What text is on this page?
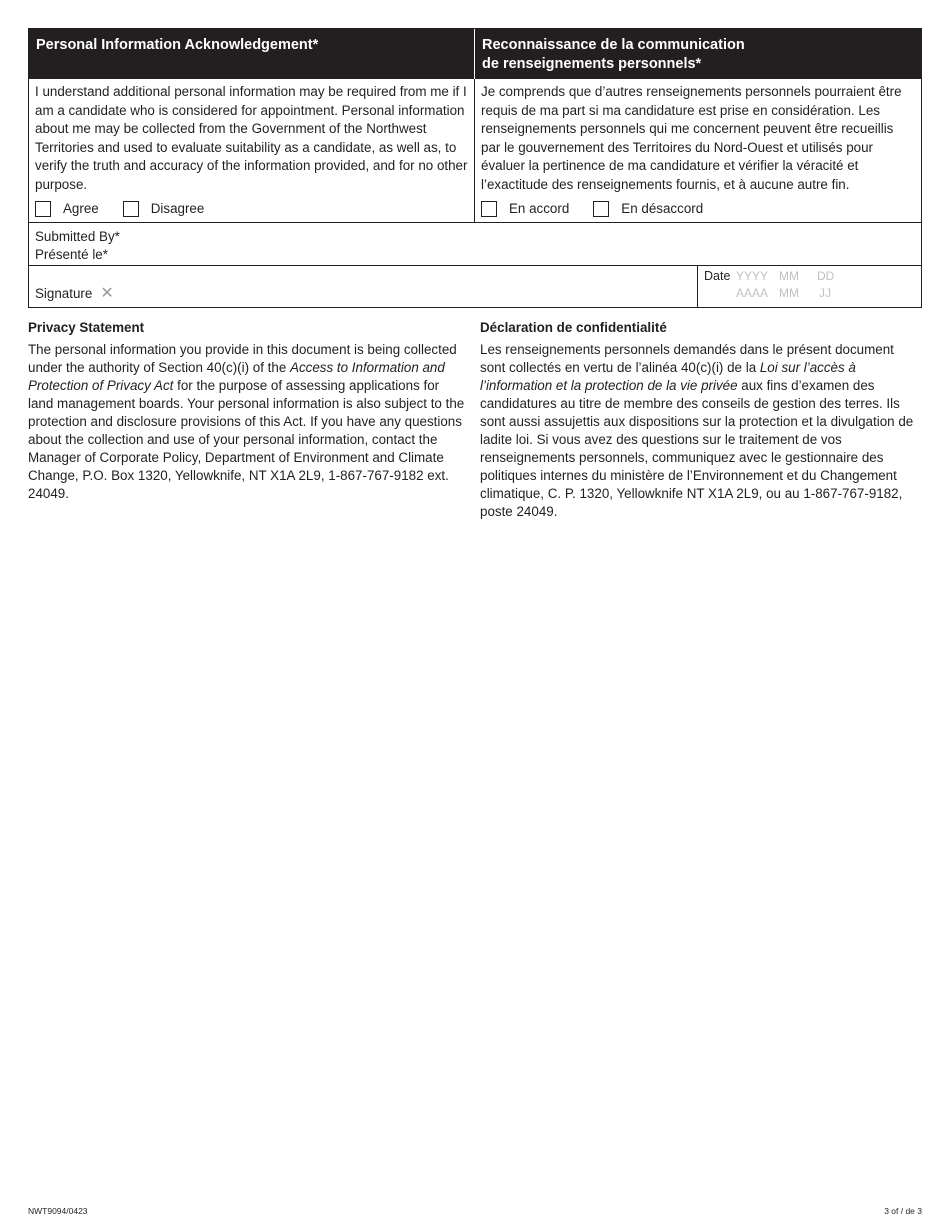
Personal Information Acknowledgement*	Reconnaissance de la communication
de renseignements personnels*
I understand additional personal information may be required from me if I am a candidate who is considered for appointment. Personal information about me may be collected from the Government of the Northwest Territories and used to evaluate suitability as a candidate, as well as, to verify the truth and accuracy of the information provided, and for no other purpose.
Agree	Disagree
Je comprends que d’autres renseignements personnels pourraient être requis de ma part si ma candidature est prise en considération. Les renseignements personnels qui me concernent peuvent être recueillis par le gouvernement des Territoires du Nord-Ouest et utilisés pour évaluer la pertinence de ma candidature et vérifier la véracité et l’exactitude des renseignements fournis, et à aucune autre fin.
En accord	En désaccord
Submitted By*
Présenté le*
Signature ✕
Date YYYY MM DD
AAAA MM JJ
Privacy Statement

The personal information you provide in this document is being collected under the authority of Section 40(c)(i) of the Access to Information and Protection of Privacy Act for the purpose of assessing applications for land management boards. Your personal information is also subject to the protection and disclosure provisions of this Act. If you have any questions about the collection and use of your personal information, contact the Manager of Corporate Policy, Department of Environment and Climate Change, P.O. Box 1320, Yellowknife, NT X1A 2L9, 1-867-767-9182 ext. 24049.

Déclaration de confidentialité

Les renseignements personnels demandés dans le présent document sont collectés en vertu de l’alinéa 40(c)(i) de la Loi sur l’accès à l’information et la protection de la vie privée aux fins d’examen des candidatures au titre de membre des conseils de gestion des terres. Ils sont aussi assujettis aux dispositions sur la protection et la divulgation de ladite loi. Si vous avez des questions sur le traitement de vos renseignements personnels, communiquez avec le gestionnaire des politiques internes du ministère de l’Environnement et du Changement climatique, C. P. 1320, Yellowknife NT X1A 2L9, ou au 1-867-767-9182, poste 24049.

NWT9094/0423	3 of / de 3
